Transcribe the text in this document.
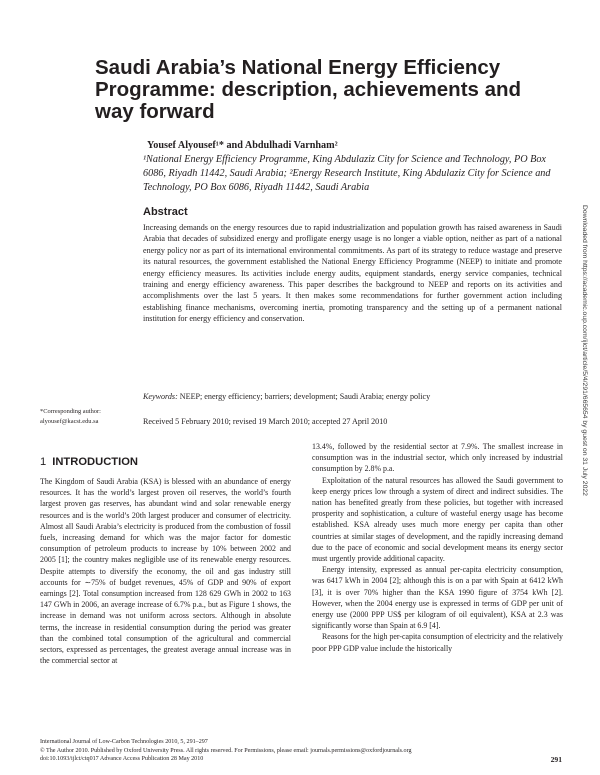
Saudi Arabia’s National Energy Efficiency Programme: description, achievements and way forward
Yousef Alyousef¹* and Abdulhadi Varnham²
¹National Energy Efficiency Programme, King Abdulaziz City for Science and Technology, PO Box 6086, Riyadh 11442, Saudi Arabia; ²Energy Research Institute, King Abdulaziz City for Science and Technology, PO Box 6086, Riyadh 11442, Saudi Arabia
Abstract
Increasing demands on the energy resources due to rapid industrialization and population growth has raised awareness in Saudi Arabia that decades of subsidized energy and profligate energy usage is no longer a viable option, neither as part of a national energy policy nor as part of its international environmental commitments. As part of its strategy to reduce wastage and preserve its natural resources, the government established the National Energy Efficiency Programme (NEEP) to initiate and promote energy efficiency measures. Its activities include energy audits, equipment standards, energy service companies, technical training and energy efficiency awareness. This paper describes the background to NEEP and reports on its activities and accomplishments over the last 5 years. It then makes some recommendations for further government action including establishing finance mechanisms, overcoming inertia, promoting transparency and the setting up of a permanent national institution for energy efficiency and conservation.
Keywords: NEEP; energy efficiency; barriers; development; Saudi Arabia; energy policy
*Corresponding author:
alyousef@kacst.edu.sa	Received 5 February 2010; revised 19 March 2010; accepted 27 April 2010	Downloaded from https://academic.oup.com/ijlct/article/5/4/291/665654 by guest on 31 July 2022
1 INTRODUCTION

The Kingdom of Saudi Arabia (KSA) is blessed with an abundance of energy resources. It has the world’s largest proven oil reserves, the world’s fourth largest proven gas reserves, has abundant wind and solar renewable energy resources and is the world’s 20th largest producer and consumer of electricity. Almost all Saudi Arabia’s electricity is produced from the combustion of fossil fuels, increasing demand for which was the major factor for domestic consumption of petroleum products to increase by 10% between 2002 and 2005 [1]; the country makes negligible use of its renewable energy resources. Despite attempts to diversify the economy, the oil and gas industry still accounts for ∼75% of budget revenues, 45% of GDP and 90% of export earnings [2]. Total consumption increased from 128 629 GWh in 2002 to 163 147 GWh in 2006, an average increase of 6.7% p.a., but as Figure 1 shows, the increase in demand was not uniform across sectors. Although in absolute terms, the increase in residential consumption during the period was greater than the combined total consumption of the agricultural and commercial sectors, expressed as percentages, the greatest average annual increase was in the commercial sector at

13.4%, followed by the residential sector at 7.9%. The smallest increase in consumption was in the industrial sector, which only increased by industrial consumption by 2.8% p.a.

Exploitation of the natural resources has allowed the Saudi government to keep energy prices low through a system of direct and indirect subsidies. The nation has benefited greatly from these policies, but together with increased prosperity and sophistication, a culture of wasteful energy usage has become established. KSA already uses much more energy per capita than other countries at similar stages of development, and the rapidly increasing demand due to the pace of economic and social development means its energy sector must urgently provide additional capacity.

Energy intensity, expressed as annual per-capita electricity consumption, was 6417 kWh in 2004 [2]; although this is on a par with Spain at 6412 kWh [3], it is over 70% higher than the KSA 1990 figure of 3754 kWh [2]. However, when the 2004 energy use is expressed in terms of GDP per unit of energy use (2000 PPP US$ per kilogram of oil equivalent), KSA at 2.3 was significantly worse than Spain at 6.9 [4].

Reasons for the high per-capita consumption of electricity and the relatively poor PPP GDP value include the historically

International Journal of Low-Carbon Technologies 2010, 5, 291–297
© The Author 2010. Published by Oxford University Press. All rights reserved. For Permissions, please email: journals.permissions@oxfordjournals.org
doi:10.1093/ijlct/ctq017 Advance Access Publication 28 May 2010	291
